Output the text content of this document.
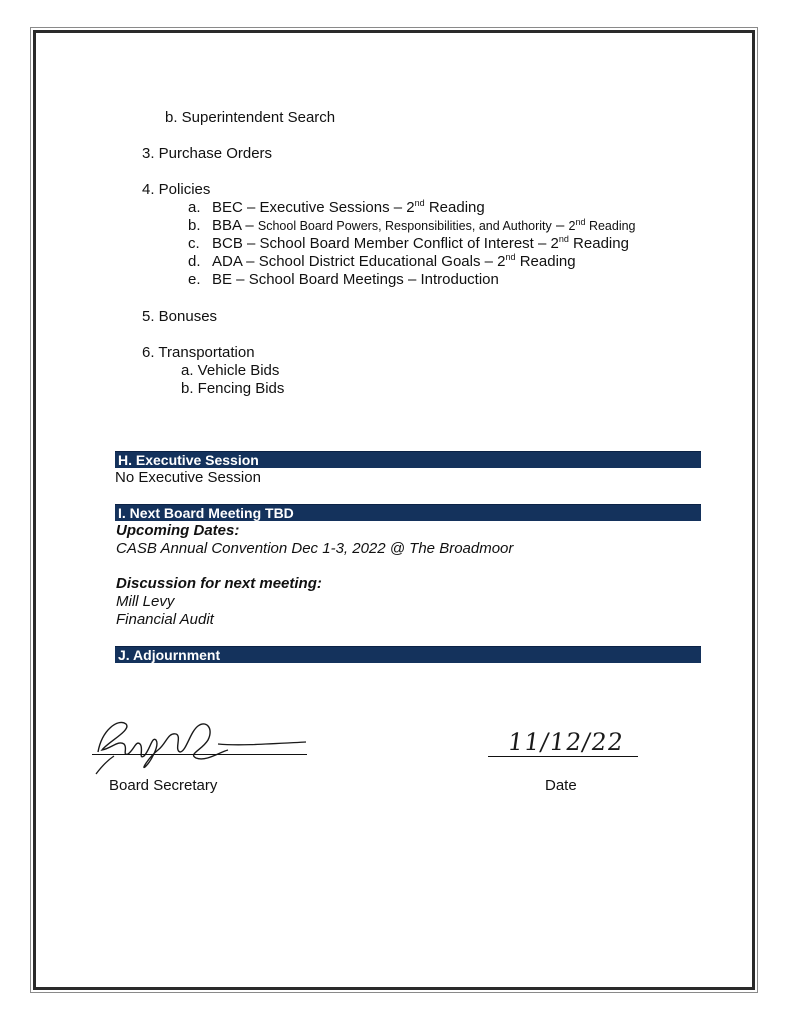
b. Superintendent Search
3. Purchase Orders
4. Policies
a. BEC – Executive Sessions – 2nd Reading
b. BBA – School Board Powers, Responsibilities, and Authority – 2nd Reading
c. BCB – School Board Member Conflict of Interest – 2nd Reading
d. ADA – School District Educational Goals – 2nd Reading
e. BE – School Board Meetings – Introduction
5. Bonuses
6. Transportation
a. Vehicle Bids
b. Fencing Bids
H. Executive Session
No Executive Session
I. Next Board Meeting TBD
Upcoming Dates:
CASB Annual Convention Dec 1-3, 2022 @ The Broadmoor
Discussion for next meeting:
Mill Levy
Financial Audit
J. Adjournment
Board Secretary
11/12/22
Date
